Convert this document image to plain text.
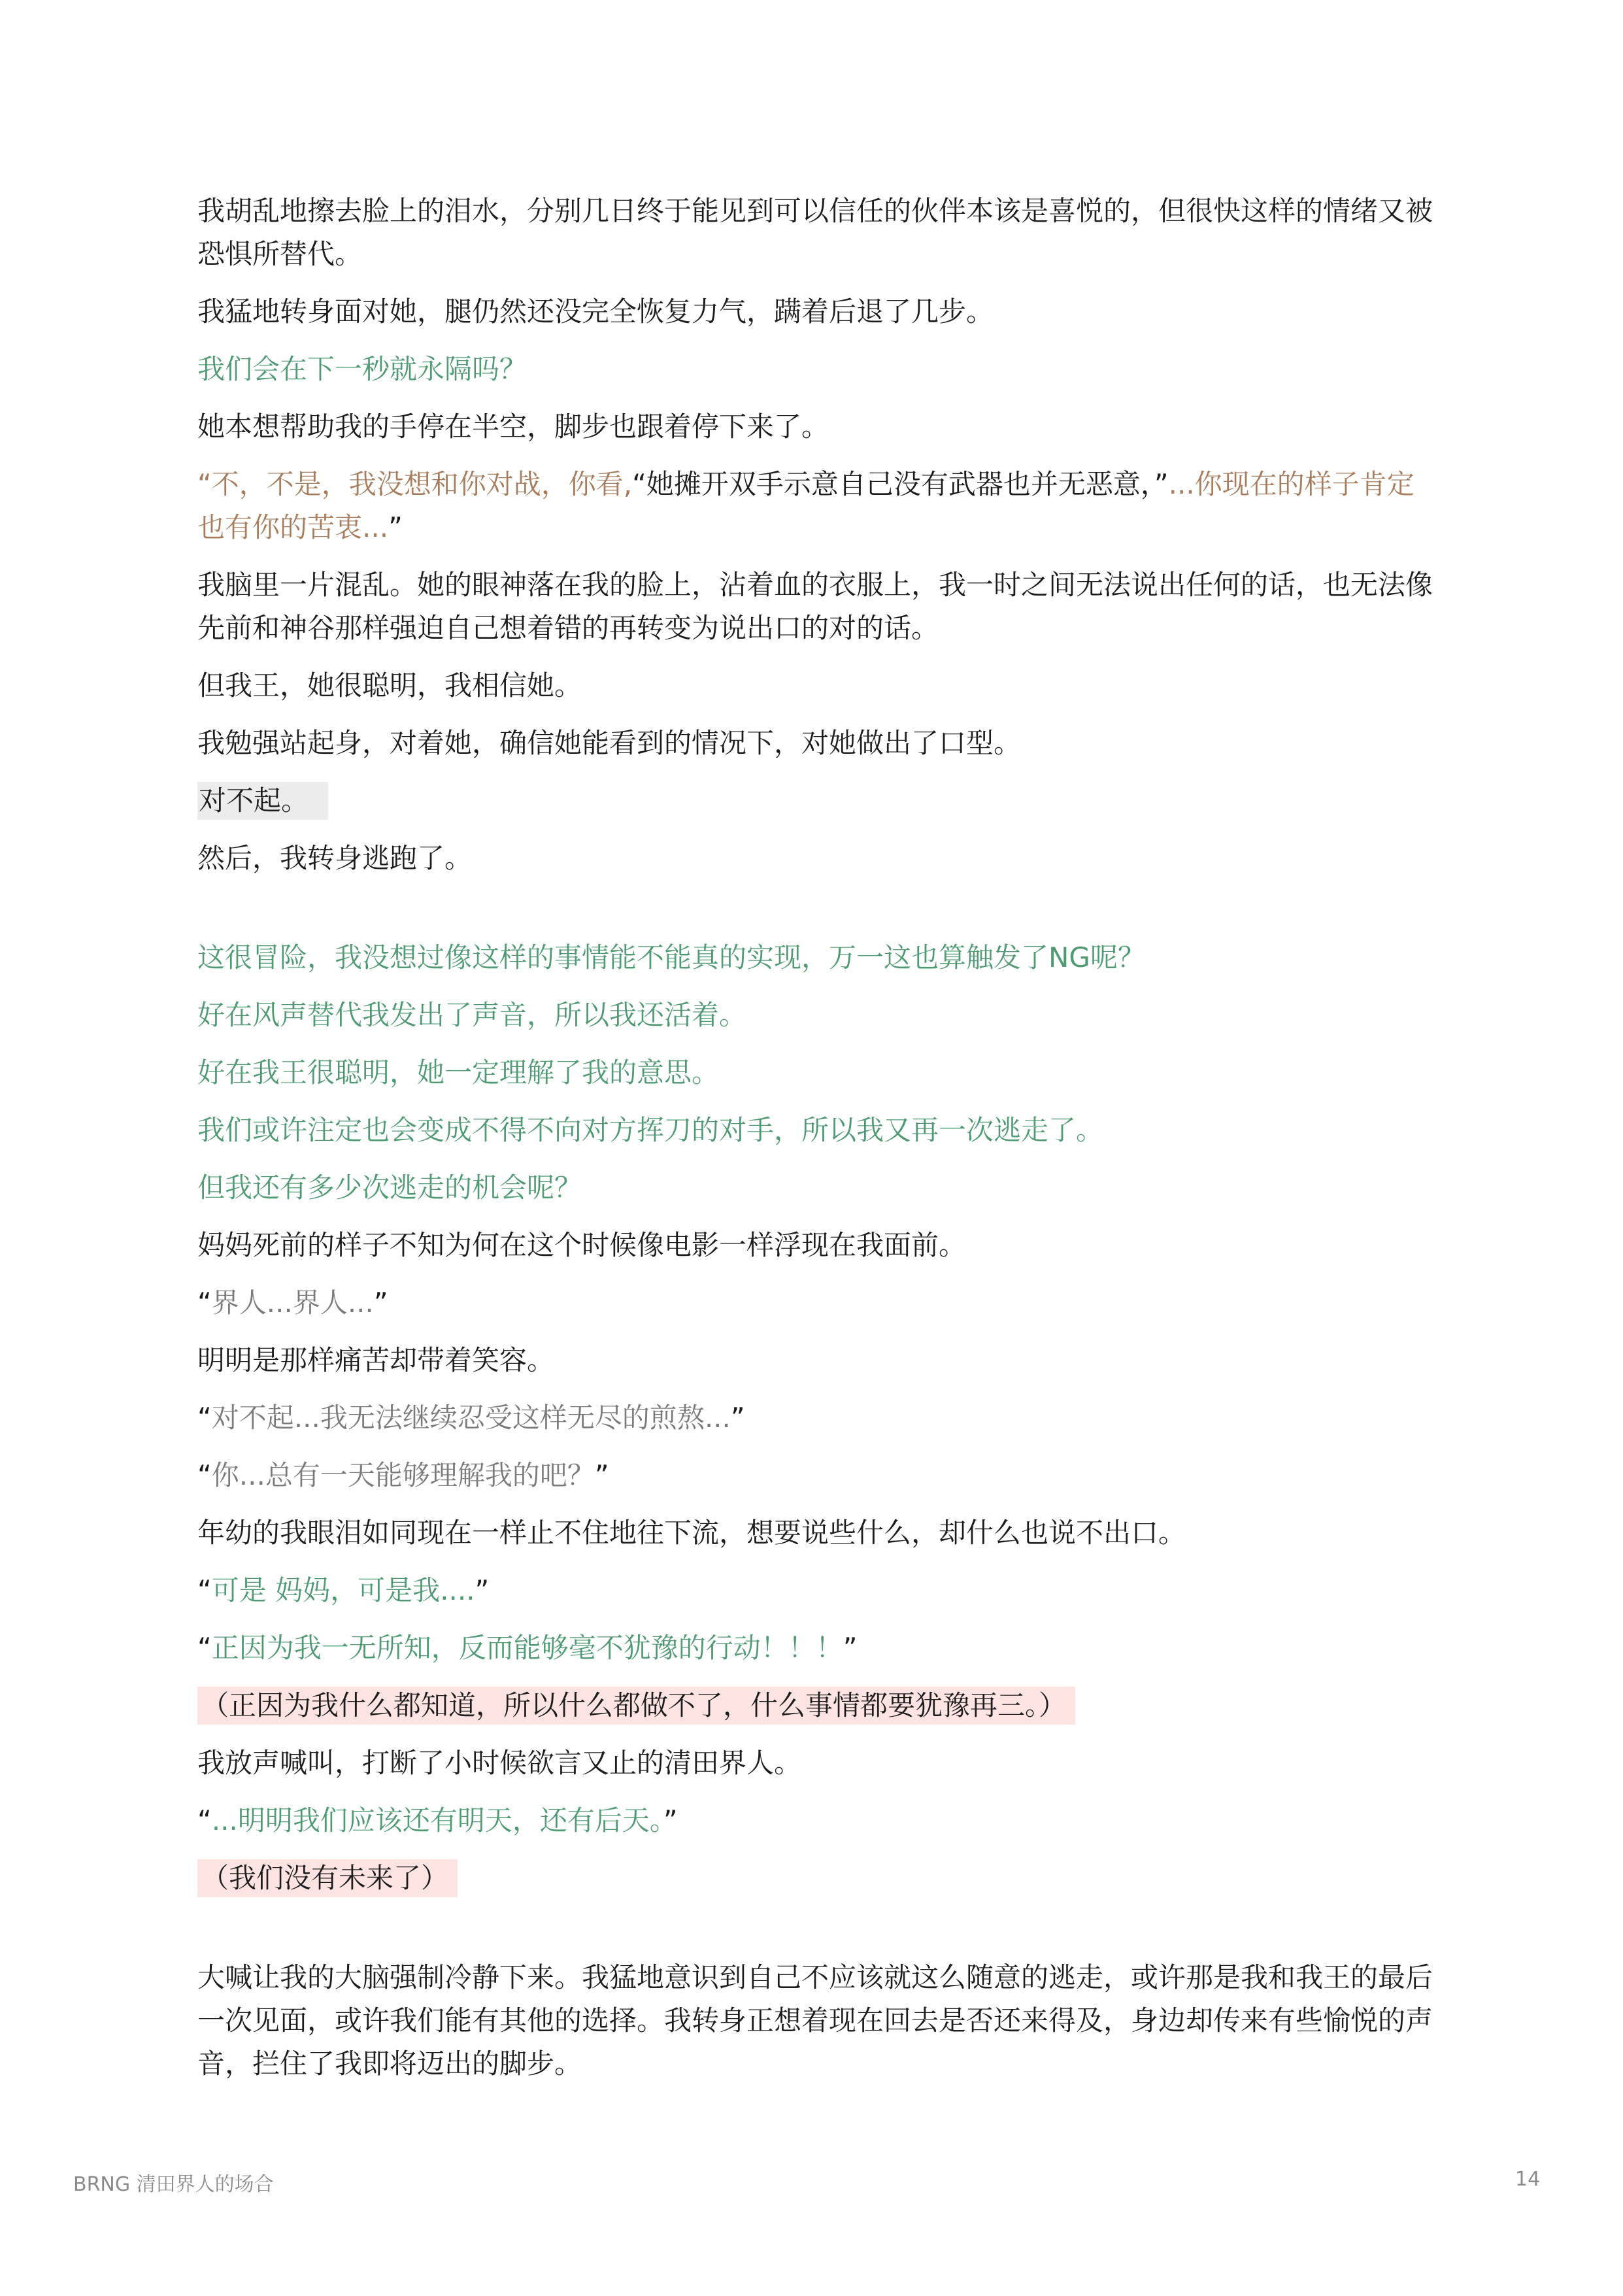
我胡乱地擦去脸上的泪水，分别几日终于能见到可以信任的伙伴本该是喜悦的，但很快这样的情绪又被恐惧所替代。

我猛地转身面对她，腿仍然还没完全恢复力气，蹒着后退了几步。

我们会在下一秒就永隔吗？

她本想帮助我的手停在半空，脚步也跟着停下来了。

“不，不是，我没想和你对战，你看,“她摊开双手示意自己没有武器也并无恶意，”...你现在的样子肯定也有你的苦衷...”

我脑里一片混乱。她的眼神落在我的脸上，沾着血的衣服上，我一时之间无法说出任何的话，也无法像先前和神谷那样强迫自己想着错的再转变为说出口的对的话。

但我王，她很聪明，我相信她。

我勉强站起身，对着她，确信她能看到的情况下，对她做出了口型。

对不起。

然后，我转身逃跑了。

这很冒险，我没想过像这样的事情能不能真的实现，万一这也算触发了NG呢？

好在风声替代我发出了声音，所以我还活着。

好在我王很聪明，她一定理解了我的意思。

我们或许注定也会变成不得不向对方挥刀的对手，所以我又再一次逃走了。

但我还有多少次逃走的机会呢？

妈妈死前的样子不知为何在这个时候像电影一样浮现在我面前。

“界人...界人...”

明明是那样痛苦却带着笑容。

“对不起...我无法继续忍受这样无尽的煎熬...”

“你...总有一天能够理解我的吧？”

年幼的我眼泪如同现在一样止不住地往下流，想要说些什么，却什么也说不出口。

“可是 妈妈，可是我....”

“正因为我一无所知，反而能够毫不犹豫的行动！！！”

（正因为我什么都知道，所以什么都做不了，什么事情都要犹豫再三。）

我放声喊叫，打断了小时候欲言又止的清田界人。

“...明明我们应该还有明天，还有后天。”

（我们没有未来了）

大喊让我的大脑强制冷静下来。我猛地意识到自己不应该就这么随意的逃走，或许那是我和我王的最后一次见面，或许我们能有其他的选择。我转身正想着现在回去是否还来得及，身边却传来有些愉悦的声音，拦住了我即将迈出的脚步。

BRNG 清田界人的场合	14
